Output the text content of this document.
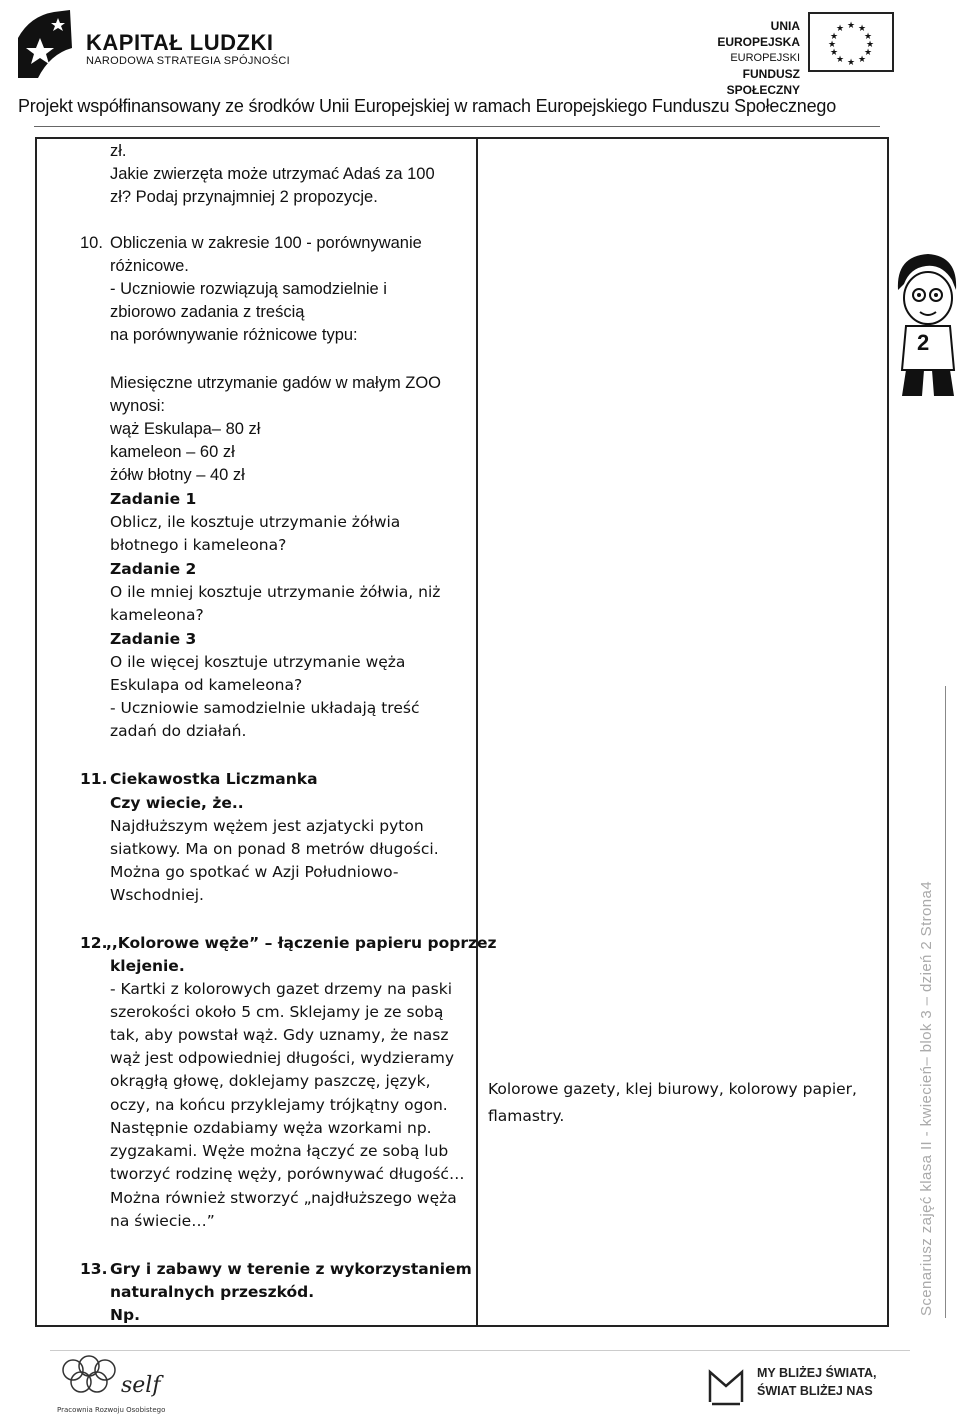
KAPITAŁ LUDZKI
NARODOWA STRATEGIA SPÓJNOŚCI
UNIA EUROPEJSKA
EUROPEJSKI
FUNDUSZ SPOŁECZNY
★ ★
★
★
★
★
★
★
★
★
★
★
Projekt współfinansowany ze środków Unii Europejskiej w ramach Europejskiego Funduszu Społecznego
zł.
Jakie zwierzęta może utrzymać Adaś za 100
zł? Podaj przynajmniej 2 propozycje.
10. Obliczenia w zakresie 100 - porównywanie
różnicowe.
- Uczniowie rozwiązują samodzielnie i
zbiorowo zadania z treścią
na porównywanie różnicowe typu:
Miesięczne utrzymanie gadów w małym ZOO
wynosi:
wąż Eskulapa– 80 zł
kameleon – 60 zł
żółw błotny – 40 zł
Zadanie 1
Oblicz, ile kosztuje utrzymanie żółwia
błotnego i kameleona?
Zadanie 2
O ile mniej kosztuje utrzymanie żółwia, niż
kameleona?
Zadanie 3
O ile więcej kosztuje utrzymanie węża
Eskulapa od kameleona?
- Uczniowie samodzielnie układają treść
zadań do działań.
11. Ciekawostka Liczmanka
Czy wiecie, że..
Najdłuższym wężem jest azjatycki pyton
siatkowy. Ma on ponad 8 metrów długości.
Można go spotkać w Azji Południowo-
Wschodniej.
12.
,,Kolorowe węże” – łączenie papieru poprzez
klejenie.
- Kartki z kolorowych gazet drzemy na paski
szerokości około 5 cm. Sklejamy je ze sobą
tak, aby powstał wąż. Gdy uznamy, że nasz
wąż jest odpowiedniej długości, wydzieramy
okrągłą głowę, doklejamy paszczę, język,
oczy, na końcu przyklejamy trójkątny ogon.
Następnie ozdabiamy węża wzorkami np.
zygzakami. Węże można łączyć ze sobą lub
tworzyć rodzinę węży, porównywać długość…
Można również stworzyć „najdłuższego węża
na świecie…”
13. Gry i zabawy w terenie z wykorzystaniem
naturalnych przeszkód.
Np.
Kolorowe gazety, klej biurowy, kolorowy papier,
flamastry.
2
Scenariusz zajęć klasa II - kwiecień– blok 3 – dzień 2 Strona4
self
Pracownia Rozwoju Osobistego
MY BLIŻEJ ŚWIATA,
ŚWIAT BLIŻEJ NAS
